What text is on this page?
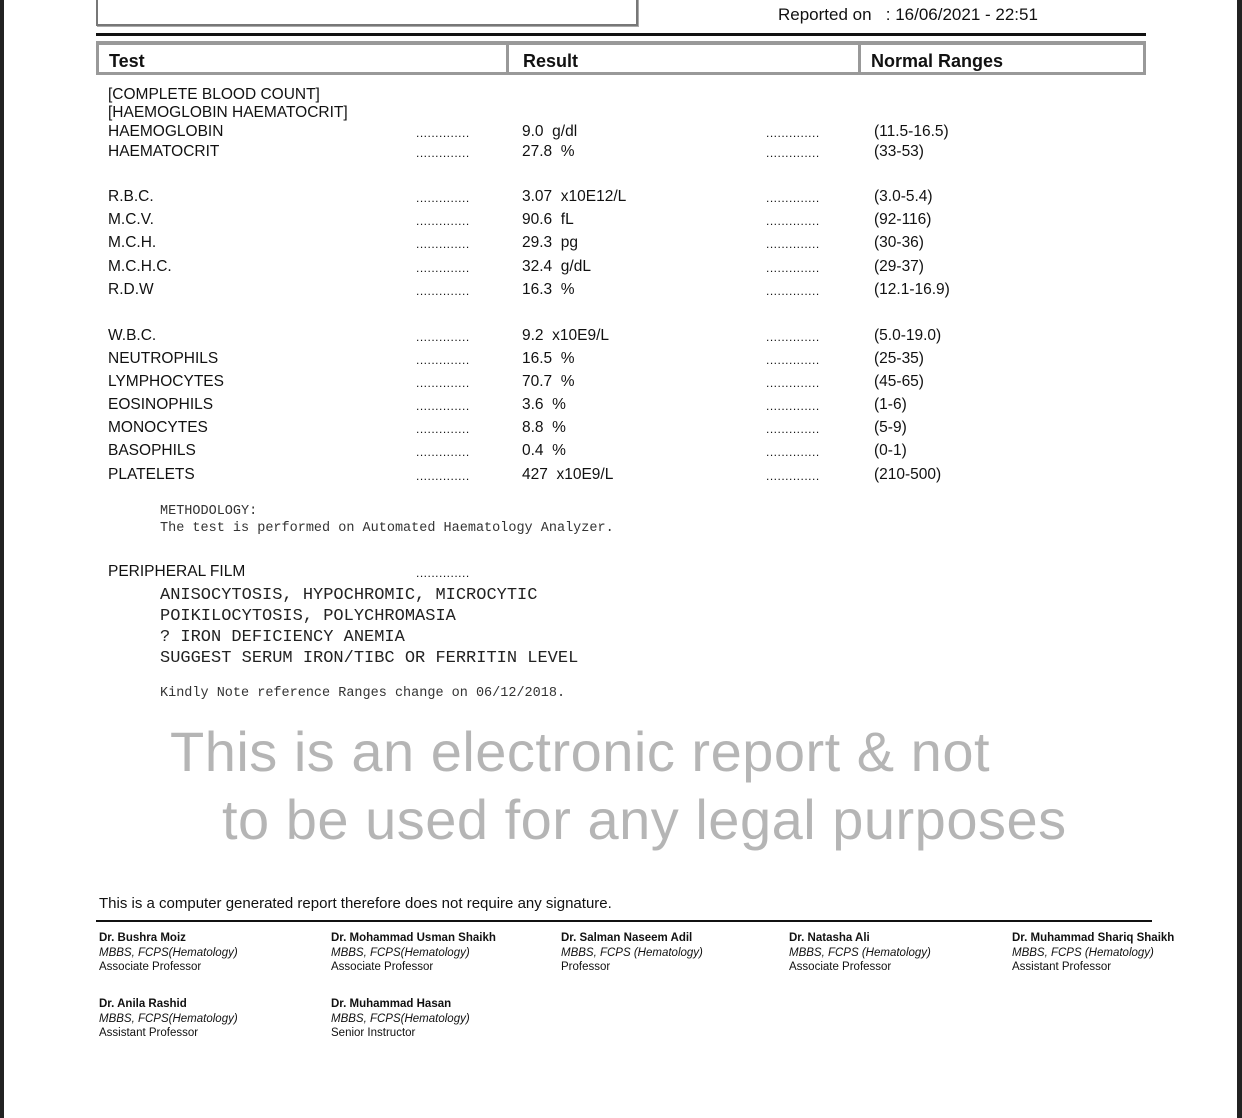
Reported on : 16/06/2021 - 22:51
Test	Result	Normal Ranges
[COMPLETE BLOOD COUNT]
[HAEMOGLOBIN HAEMATOCRIT]
HAEMOGLOBIN	..............	9.0  g/dl	..............	(11.5-16.5)
HAEMATOCRIT	..............	27.8  %	..............	(33-53)
R.B.C.	..............	3.07  x10E12/L	..............	(3.0-5.4)
M.C.V.	..............	90.6  fL	..............	(92-116)
M.C.H.	..............	29.3  pg	..............	(30-36)
M.C.H.C.	..............	32.4  g/dL	..............	(29-37)
R.D.W	..............	16.3  %	..............	(12.1-16.9)
W.B.C.	..............	9.2  x10E9/L	..............	(5.0-19.0)
NEUTROPHILS	..............	16.5  %	..............	(25-35)
LYMPHOCYTES	..............	70.7  %	..............	(45-65)
EOSINOPHILS	..............	3.6  %	..............	(1-6)
MONOCYTES	..............	8.8  %	..............	(5-9)
BASOPHILS	..............	0.4  %	..............	(0-1)
PLATELETS	..............	427  x10E9/L	..............	(210-500)
METHODOLOGY:
The test is performed on Automated Haematology Analyzer.
PERIPHERAL FILM	..............
ANISOCYTOSIS, HYPOCHROMIC, MICROCYTIC
POIKILOCYTOSIS, POLYCHROMASIA
? IRON DEFICIENCY ANEMIA
SUGGEST SERUM IRON/TIBC OR FERRITIN LEVEL
Kindly Note reference Ranges change on 06/12/2018.
This is an electronic report & not
to be used for any legal purposes
This is a computer generated report therefore does not require any signature.
Dr. Bushra Moiz
MBBS, FCPS(Hematology)
Associate Professor
Dr. Mohammad Usman Shaikh
MBBS, FCPS(Hematology)
Associate Professor
Dr. Salman Naseem Adil
MBBS, FCPS (Hematology)
Professor
Dr. Natasha Ali
MBBS, FCPS (Hematology)
Associate Professor
Dr. Muhammad Shariq Shaikh
MBBS, FCPS (Hematology)
Assistant Professor
Dr. Anila Rashid
MBBS, FCPS(Hematology)
Assistant Professor
Dr. Muhammad Hasan
MBBS, FCPS(Hematology)
Senior Instructor
